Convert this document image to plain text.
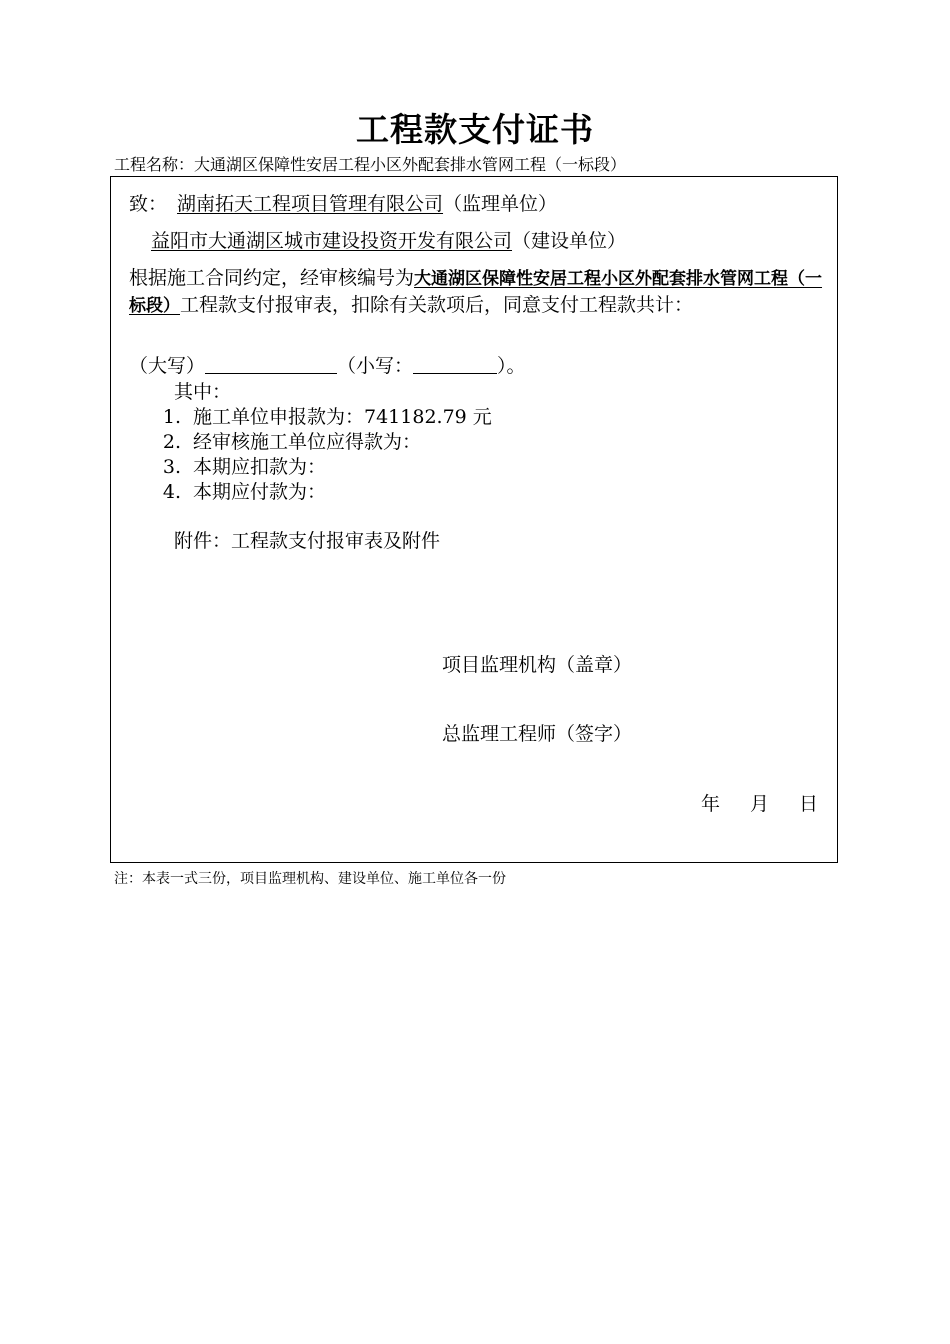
工程款支付证书
工程名称：大通湖区保障性安居工程小区外配套排水管网工程（一标段）
致： 湖南拓天工程项目管理有限公司（监理单位）
益阳市大通湖区城市建设投资开发有限公司（建设单位）
根据施工合同约定，经审核编号为大通湖区保障性安居工程小区外配套排水管网工程（一标段）工程款支付报审表，扣除有关款项后，同意支付工程款共计：
（大写）	（小写：	）。
其中：
1. 施工单位申报款为：741182.79 元
2. 经审核施工单位应得款为：
3. 本期应扣款为：
4. 本期应付款为：
附件：工程款支付报审表及附件
项目监理机构（盖章）
总监理工程师（签字）
年 月 日
注：本表一式三份，项目监理机构、建设单位、施工单位各一份
